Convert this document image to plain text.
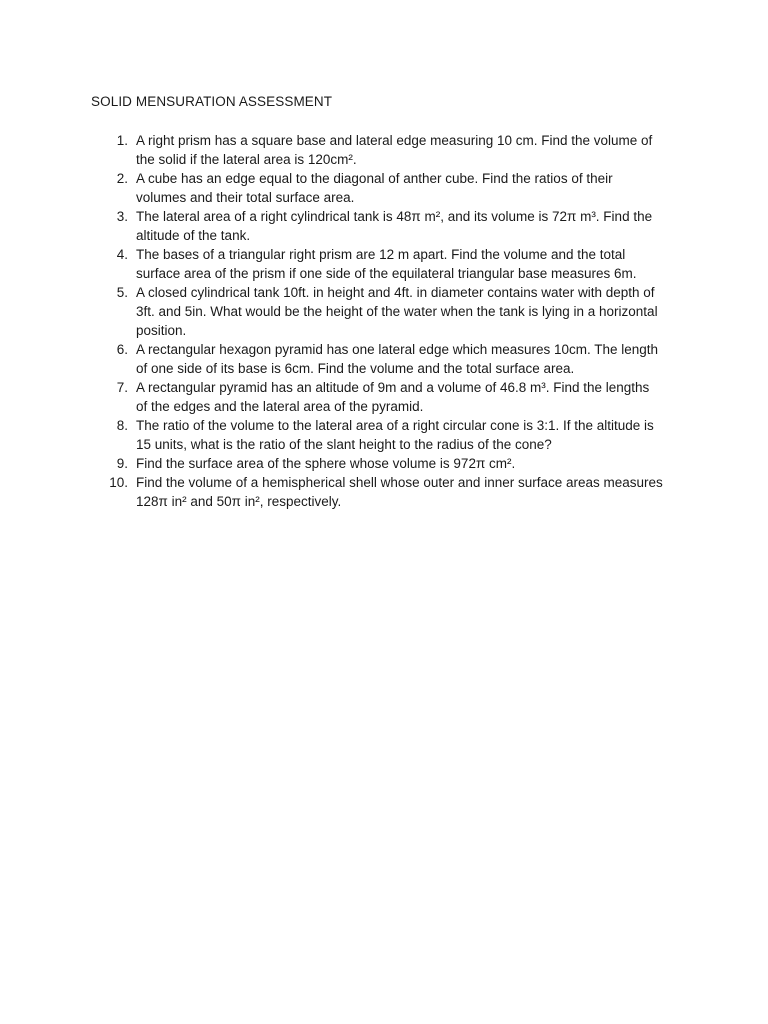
SOLID MENSURATION ASSESSMENT
1. A right prism has a square base and lateral edge measuring 10 cm. Find the volume of
the solid if the lateral area is 120cm².
2. A cube has an edge equal to the diagonal of anther cube. Find the ratios of their
volumes and their total surface area.
3. The lateral area of a right cylindrical tank is 48π m², and its volume is 72π m³. Find the
altitude of the tank.
4. The bases of a triangular right prism are 12 m apart. Find the volume and the total
surface area of the prism if one side of the equilateral triangular base measures 6m.
5. A closed cylindrical tank 10ft. in height and 4ft. in diameter contains water with depth of
3ft. and 5in. What would be the height of the water when the tank is lying in a horizontal
position.
6. A rectangular hexagon pyramid has one lateral edge which measures 10cm. The length
of one side of its base is 6cm. Find the volume and the total surface area.
7. A rectangular pyramid has an altitude of 9m and a volume of 46.8 m³. Find the lengths
of the edges and the lateral area of the pyramid.
8. The ratio of the volume to the lateral area of a right circular cone is 3:1. If the altitude is
15 units, what is the ratio of the slant height to the radius of the cone?
9. Find the surface area of the sphere whose volume is 972π cm².
10. Find the volume of a hemispherical shell whose outer and inner surface areas measures
128π in² and 50π in², respectively.
